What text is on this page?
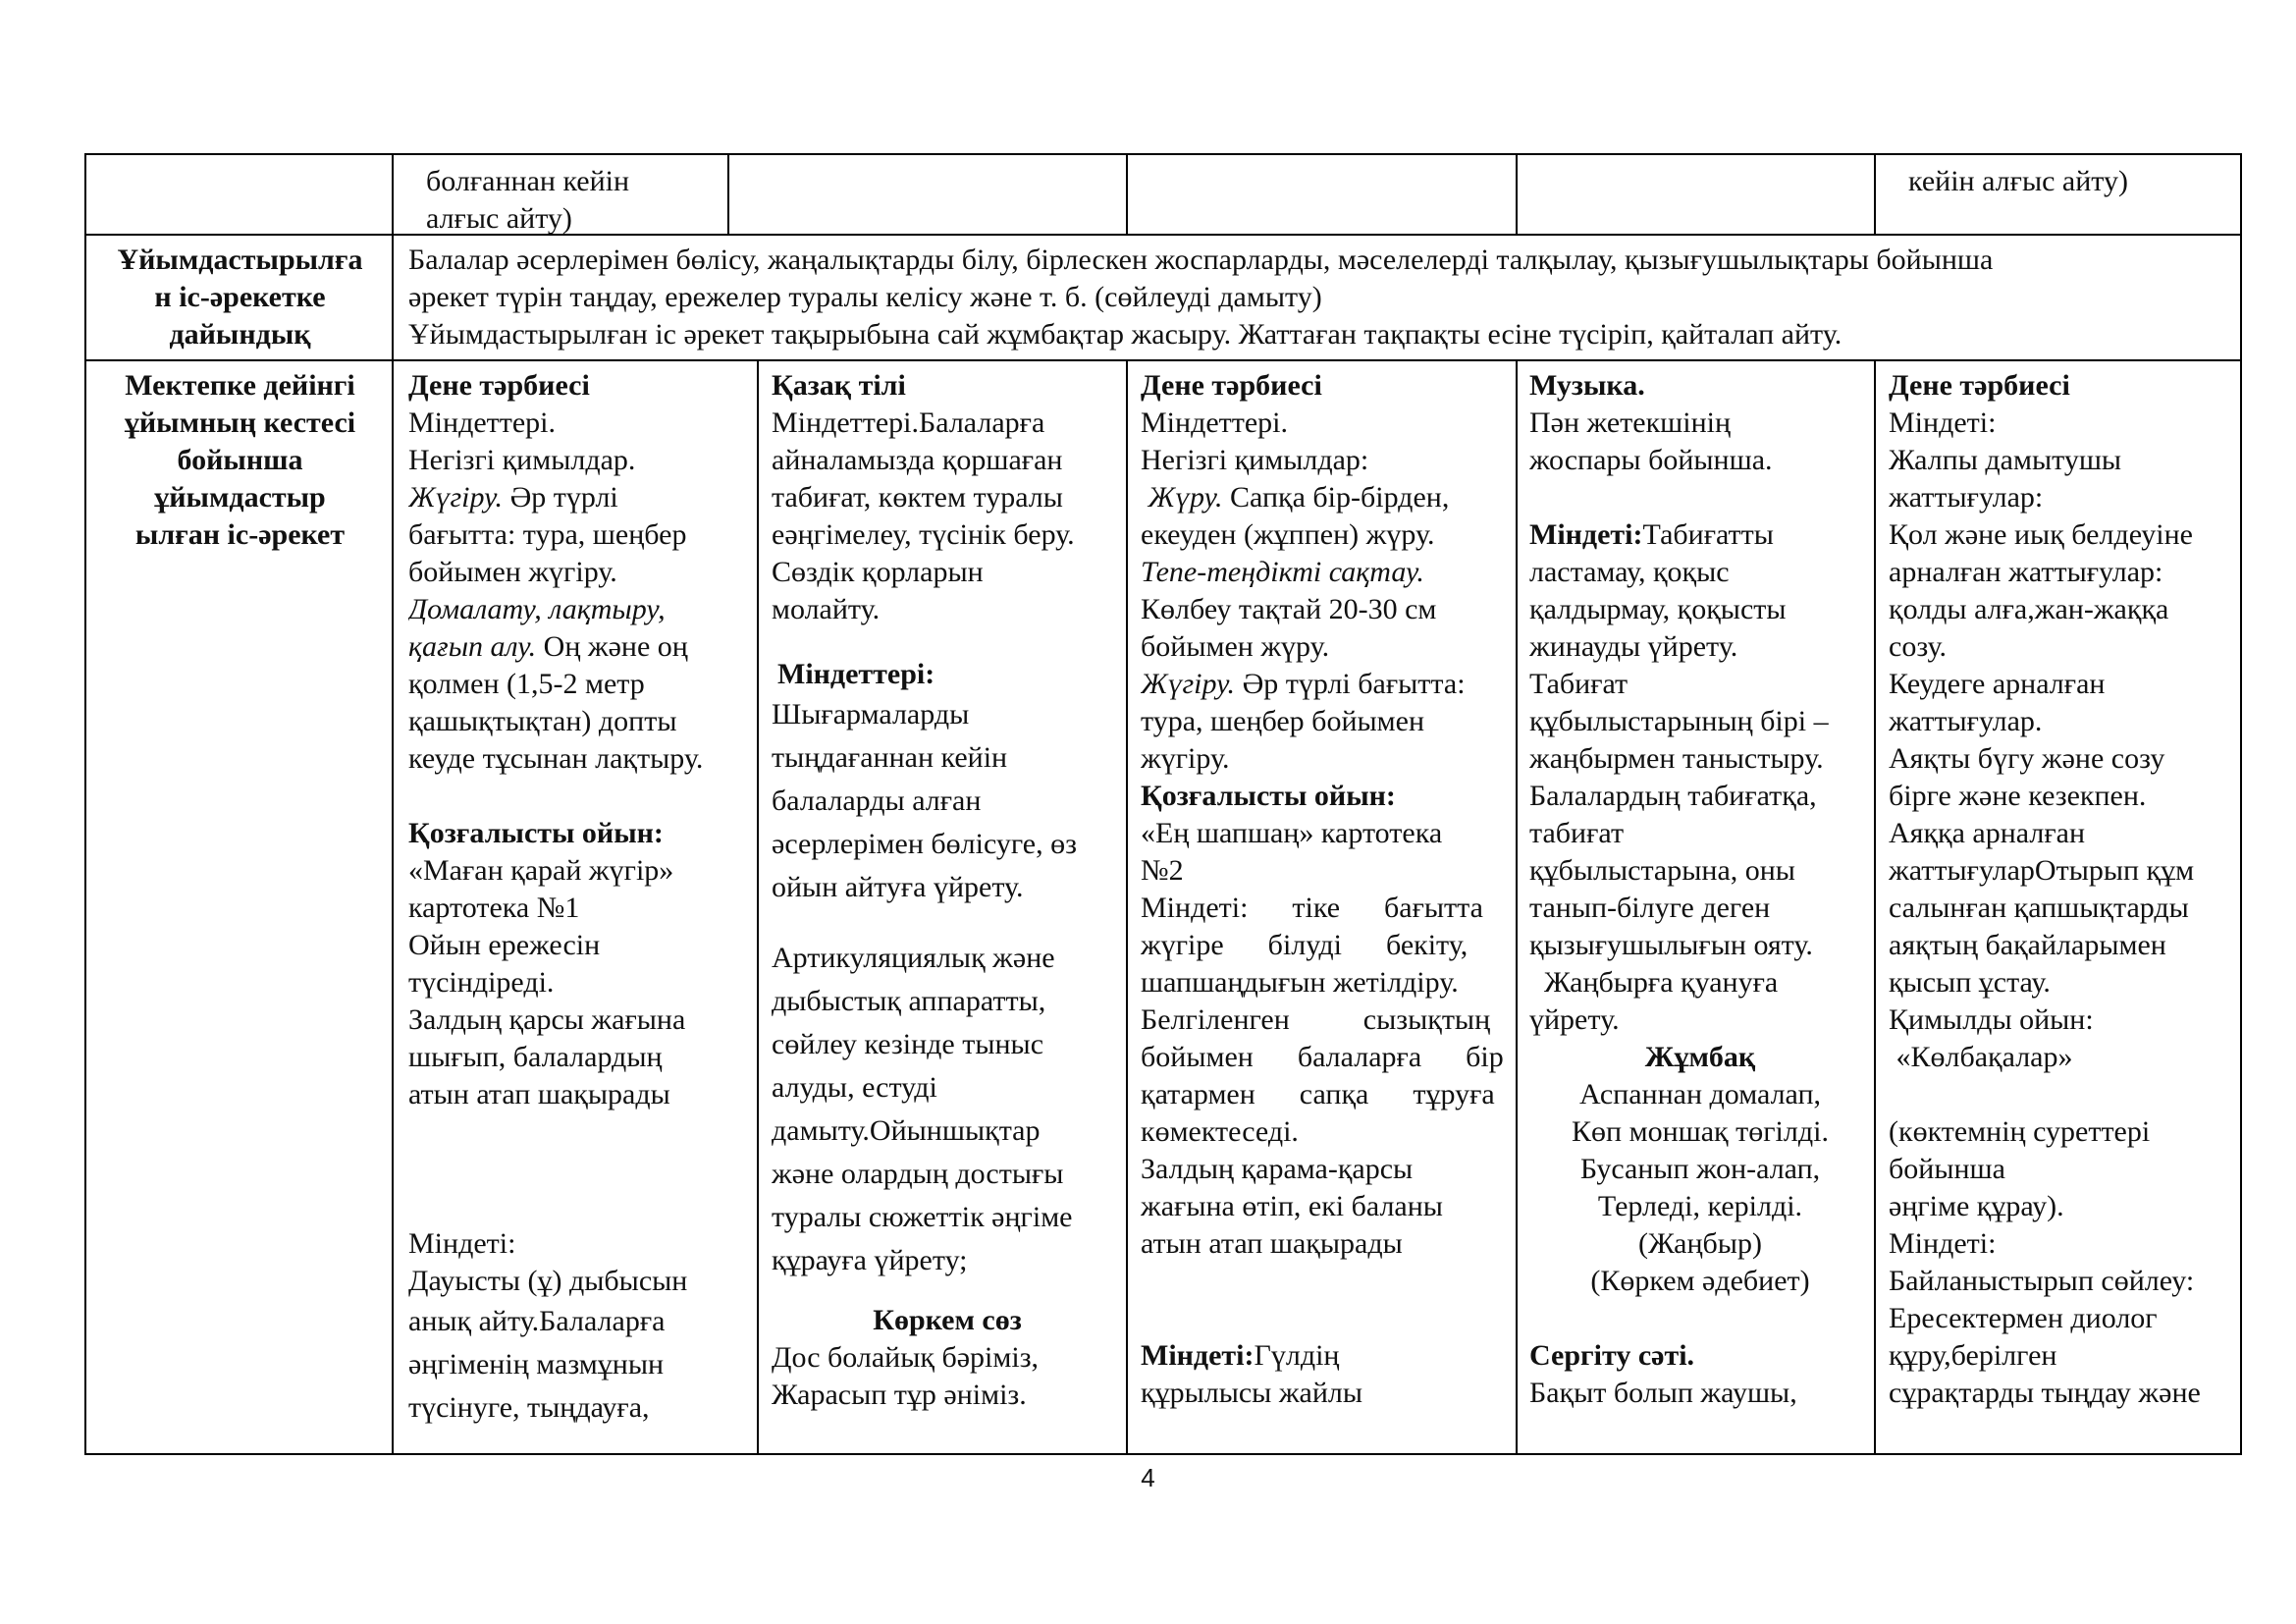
болғаннан кейін
алғыс айту)
кейін алғыс айту)
Ұйымдастырылға
н іс-әрекетке
дайындық
Балалар әсерлерімен бөлісу, жаңалықтарды білу, бірлескен жоспарларды, мәселелерді талқылау, қызығушылықтары бойынша
әрекет түрін таңдау, ережелер туралы келісу және т. б. (сөйлеуді дамыту)
Ұйымдастырылған іс әрекет тақырыбына сай жұмбақтар жасыру. Жаттаған тақпақты есіне түсіріп, қайталап айту.
Мектепке дейінгі
ұйымның кестесі
бойынша
ұйымдастыр
ылған іс-әрекет
Дене тәрбиесі
Міндеттері.
Негізгі қимылдар.
Жүгіру. Әр түрлі
бағытта: тура, шеңбер
бойымен жүгіру.
Домалату, лақтыру,
қағып алу. Оң және оң
қолмен (1,5-2 метр
қашықтықтан) допты
кеуде тұсынан лақтыру.
Қозғалысты ойын:
«Маған қарай жүгір»
картотека №1
Ойын ережесін
түсіндіреді.
Залдың қарсы жағына
шығып, балалардың
атын атап шақырады
Міндеті:
Дауысты (ұ) дыбысын
анық айту.Балаларға
әңгіменің мазмұнын
түсінуге, тыңдауға,
Қазақ тілі
Міндеттері.Балаларға
айналамызда қоршаған
табиғат, көктем туралы
еәңгімелеу, түсінік беру.
Сөздік қорларын
молайту.
Міндеттері:
Шығармаларды
тыңдағаннан кейін
балаларды алған
әсерлерімен бөлісуге, өз
ойын айтуға үйрету.
Артикуляциялық және
дыбыстық аппаратты,
сөйлеу кезінде тыныс
алуды, естуді
дамыту.Ойыншықтар
және олардың достығы
туралы сюжеттік әңгіме
құрауға үйрету;
Көркем сөз
Дос болайық бәріміз,
Жарасып тұр әніміз.
Дене тәрбиесі
Міндеттері.
Негізгі қимылдар:
Жүру. Сапқа бір-бірден,
екеуден (жұппен) жүру.
Тепе-теңдікті сақтау.
Көлбеу тақтай 20-30 см
бойымен жүру.
Жүгіру. Әр түрлі бағытта:
тура, шеңбер бойымен
жүгіру.
Қозғалысты ойын:
«Ең шапшаң» картотека
№2
Міндеті:      тіке      бағытта
жүгіре      білуді      бекіту,
шапшаңдығын жетілдіру.
Белгіленген          сызықтың
бойымен      балаларға      бір
қатармен      сапқа      тұруға
көмектеседі.
Залдың қарама-қарсы
жағына өтіп, екі баланы
атын атап шақырады
Міндеті:Гүлдің
құрылысы жайлы
Музыка.
Пән жетекшінің
жоспары бойынша.
Міндеті:Табиғатты
ластамау, қоқыс
қалдырмау, қоқысты
жинауды үйрету.
Табиғат
құбылыстарының бірі –
жаңбырмен таныстыру.
Балалардың табиғатқа,
табиғат
құбылыстарына, оны
танып-білуге деген
қызығушылығын ояту.
Жаңбырға қуануға
үйрету.
Жұмбақ
Аспаннан домалап,
Көп моншақ төгілді.
Бусанып жон-алап,
Терледі, керілді.
(Жаңбыр)
(Көркем әдебиет)
Сергіту сәті.
Бақыт болып жаушы,
Дене тәрбиесі
Міндеті:
Жалпы дамытушы
жаттығулар:
Қол және иық белдеуіне
арналған жаттығулар:
қолды алға,жан-жаққа
созу.
Кеудеге арналған
жаттығулар.
Аяқты бүгу және созу
бірге және кезекпен.
Аяққа арналған
жаттығуларОтырып құм
салынған қапшықтарды
аяқтың бақайларымен
қысып ұстау.
Қимылды ойын:
«Көлбақалар»
(көктемнің суреттері
бойынша
әңгіме құрау).
Міндеті:
Байланыстырып сөйлеу:
Ересектермен диолог
құру,берілген
сұрақтарды тыңдау және
4
